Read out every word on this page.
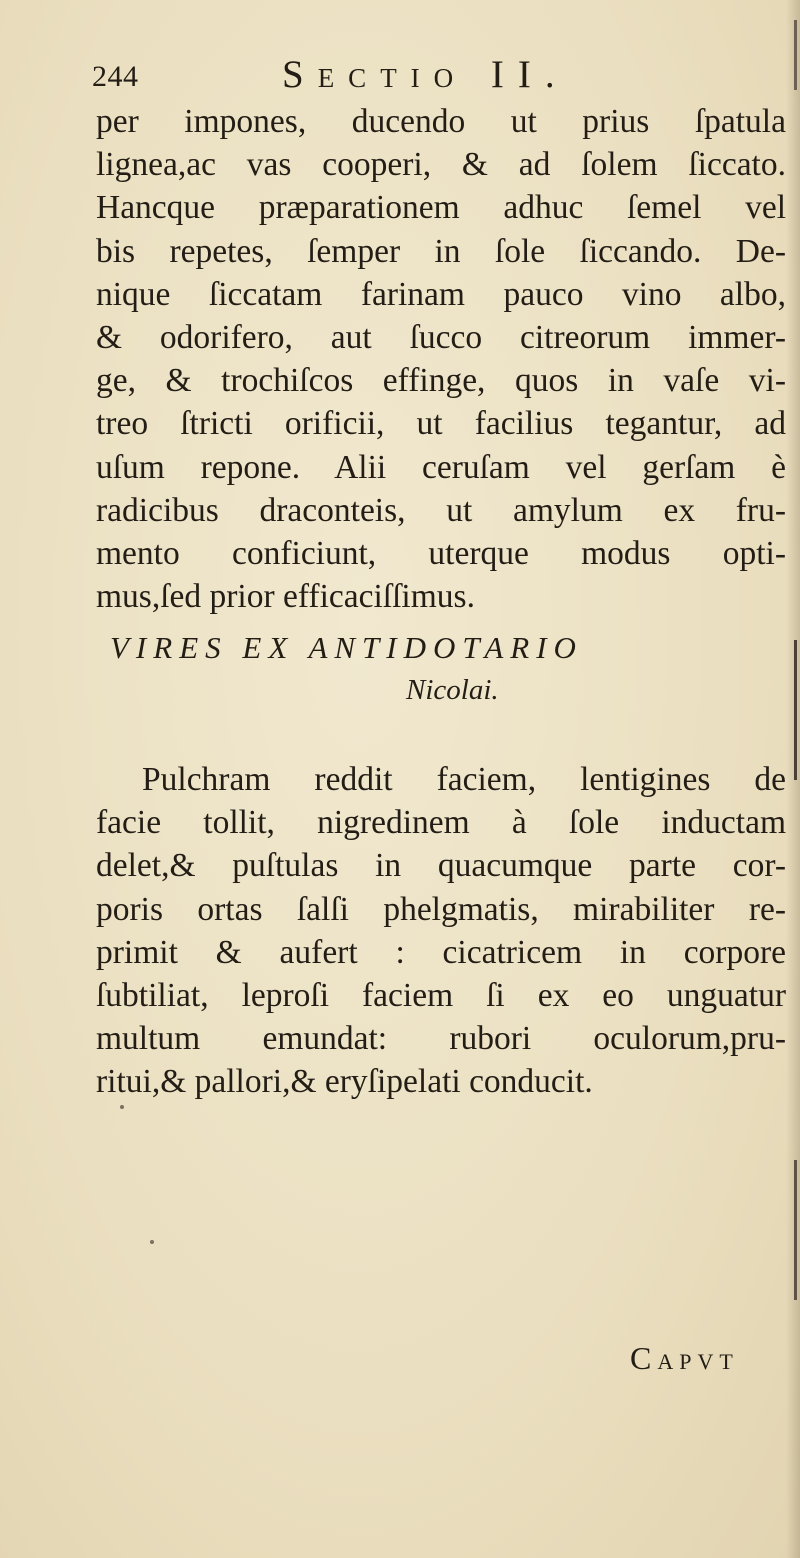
244	Sectio II.
per impones, ducendo ut prius ſpatula
lignea,ac vas cooperi, & ad ſolem ſiccato.
Hancque præparationem adhuc ſemel vel
bis repetes, ſemper in ſole ſiccando. De-
nique ſiccatam farinam pauco vino albo,
& odorifero, aut ſucco citreorum immer-
ge, & trochiſcos effinge, quos in vaſe vi-
treo ſtricti orificii, ut facilius tegantur, ad
uſum repone. Alii ceruſam vel gerſam è
radicibus draconteis, ut amylum ex fru-
mento conficiunt, uterque modus opti-
mus,ſed prior efficaciſſimus.
VIRES EX ANTIDOTARIO
Nicolai.
Pulchram reddit faciem, lentigines de
facie tollit, nigredinem à ſole inductam
delet,& puſtulas in quacumque parte cor-
poris ortas ſalſi phelgmatis, mirabiliter re-
primit & aufert : cicatricem in corpore
ſubtiliat, leproſi faciem ſi ex eo unguatur
multum emundat: rubori oculorum,pru-
ritui,& pallori,& eryſipelati conducit.
Capvt
